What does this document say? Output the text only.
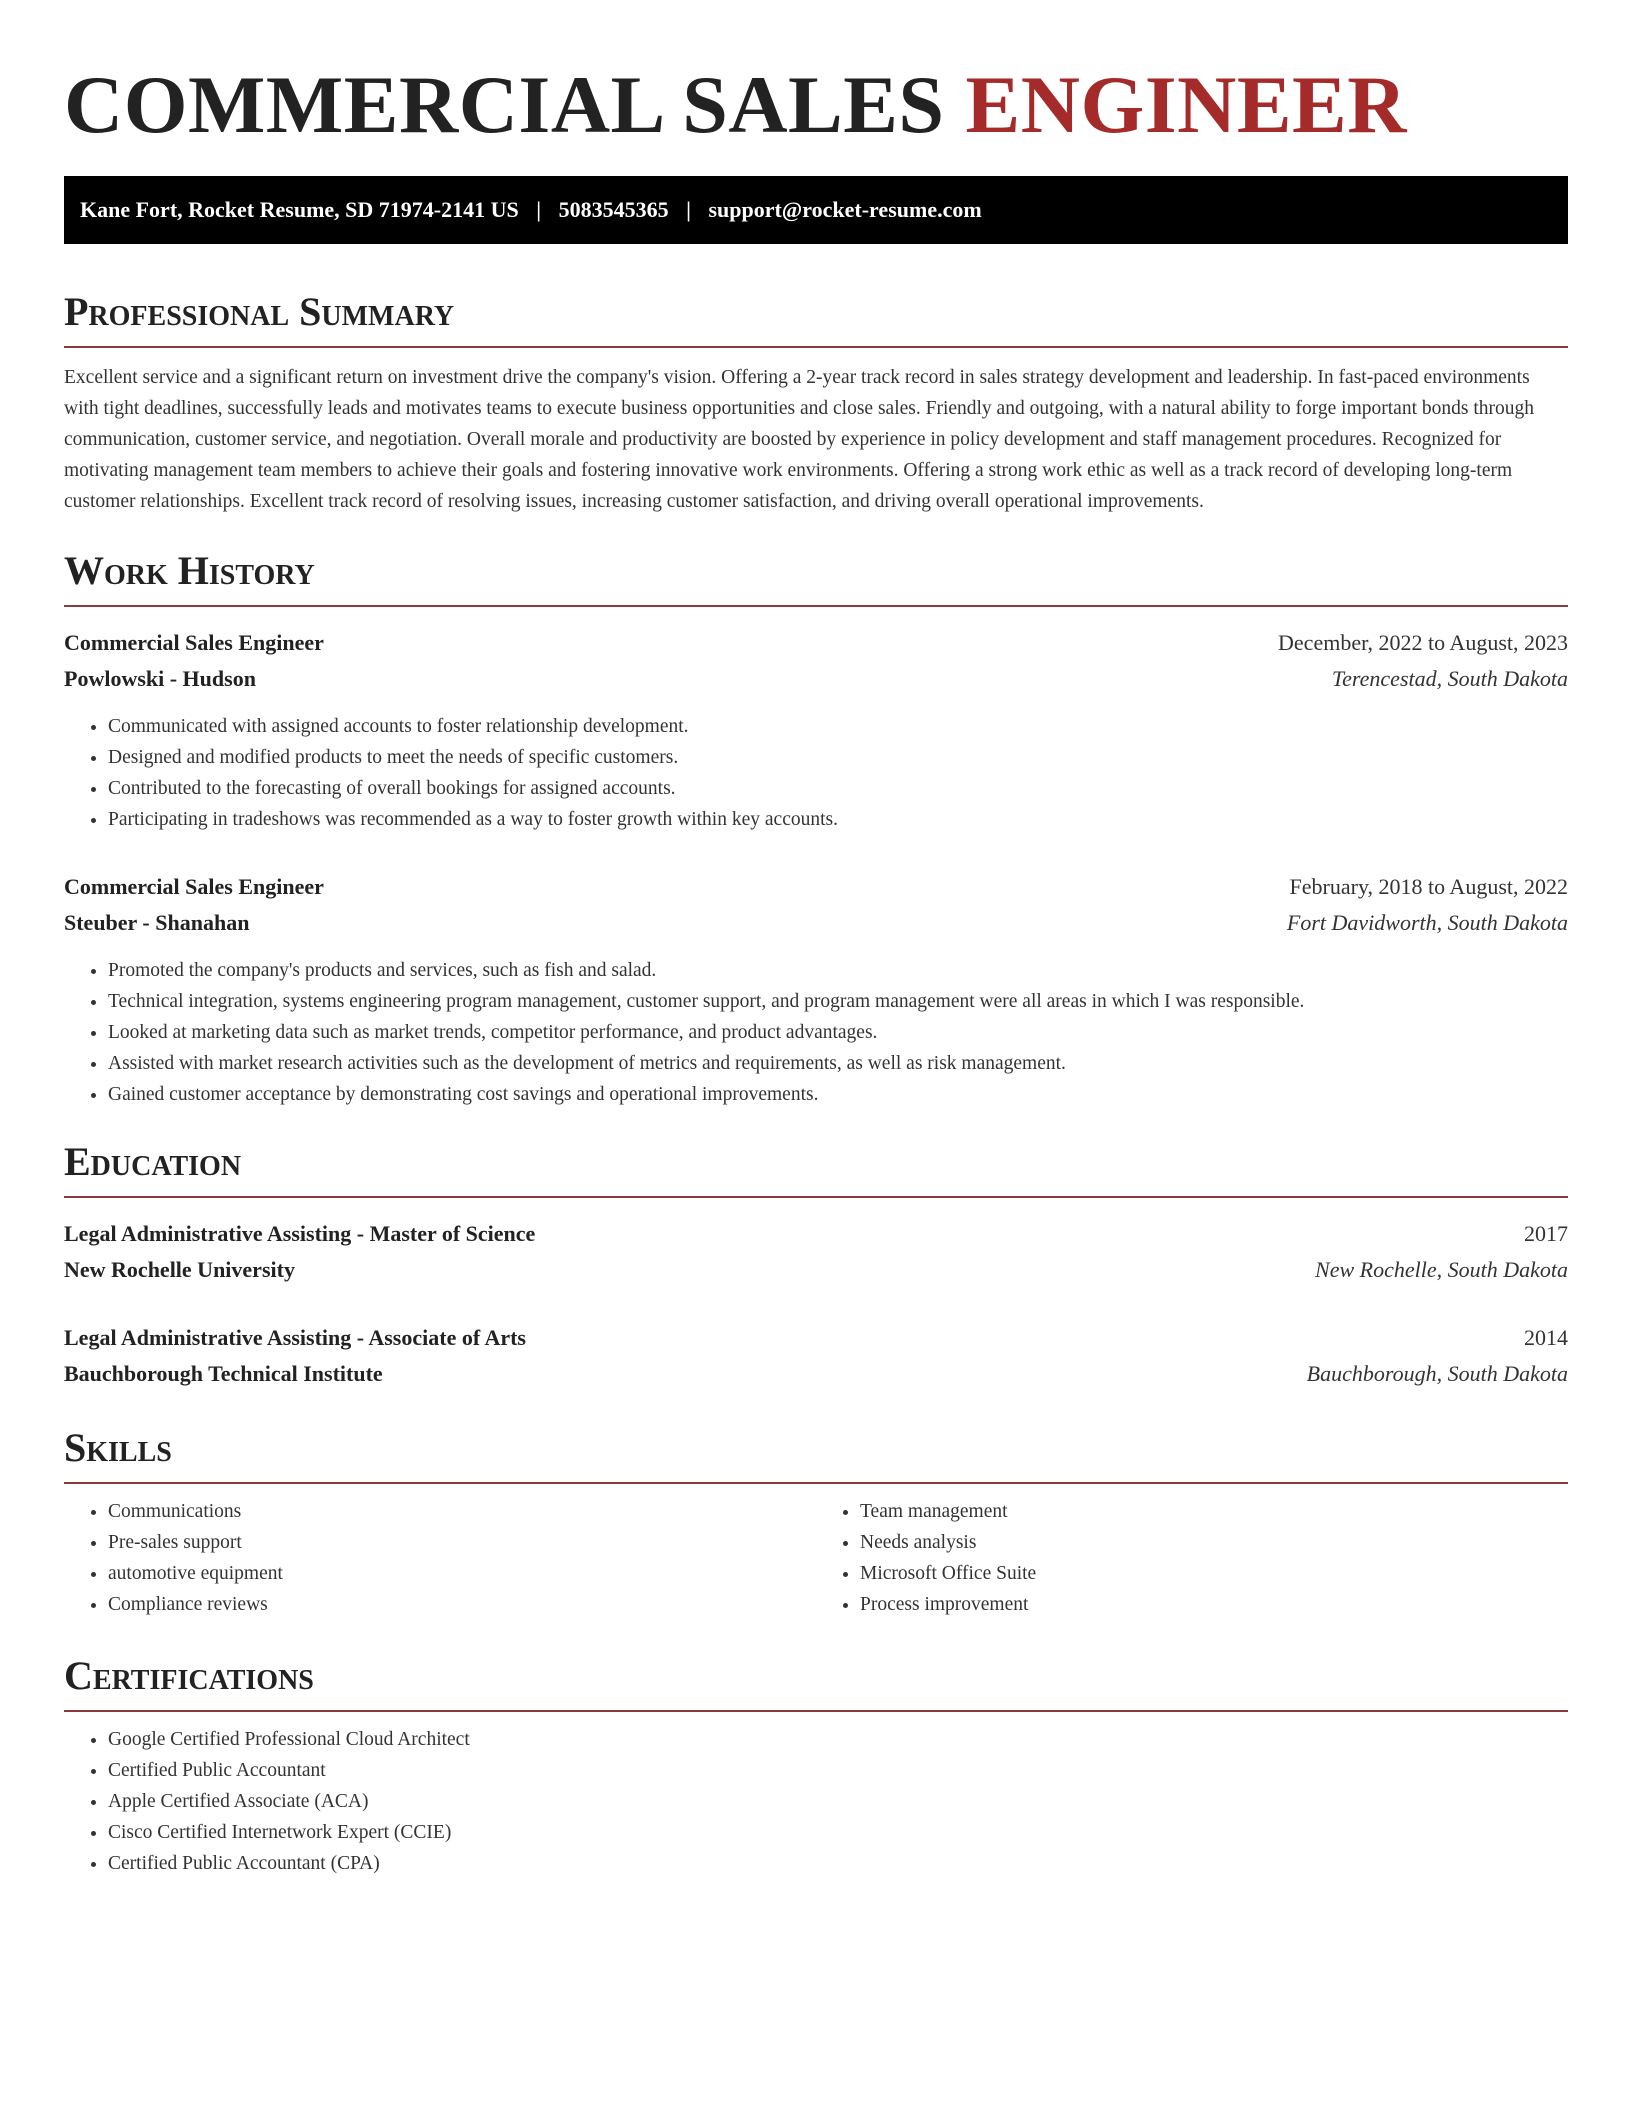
COMMERCIAL SALES ENGINEER
Kane Fort, Rocket Resume, SD 71974-2141 US | 5083545365 | support@rocket-resume.com
Professional Summary

Excellent service and a significant return on investment drive the company's vision. Offering a 2-year track record in sales strategy development and leadership. In fast-paced environments with tight deadlines, successfully leads and motivates teams to execute business opportunities and close sales. Friendly and outgoing, with a natural ability to forge important bonds through communication, customer service, and negotiation. Overall morale and productivity are boosted by experience in policy development and staff management procedures. Recognized for motivating management team members to achieve their goals and fostering innovative work environments. Offering a strong work ethic as well as a track record of developing long-term customer relationships. Excellent track record of resolving issues, increasing customer satisfaction, and driving overall operational improvements.

Work History
Commercial Sales Engineer	December, 2022 to August, 2023
Powlowski - Hudson	Terencestad, South Dakota
• Communicated with assigned accounts to foster relationship development.
• Designed and modified products to meet the needs of specific customers.
• Contributed to the forecasting of overall bookings for assigned accounts.
• Participating in tradeshows was recommended as a way to foster growth within key accounts.
Commercial Sales Engineer	February, 2018 to August, 2022
Steuber - Shanahan	Fort Davidworth, South Dakota
• Promoted the company's products and services, such as fish and salad.
• Technical integration, systems engineering program management, customer support, and program management were all areas in which I was responsible.
• Looked at marketing data such as market trends, competitor performance, and product advantages.
• Assisted with market research activities such as the development of metrics and requirements, as well as risk management.
• Gained customer acceptance by demonstrating cost savings and operational improvements.
Education
Legal Administrative Assisting - Master of Science	2017
New Rochelle University	New Rochelle, South Dakota
Legal Administrative Assisting - Associate of Arts	2014
Bauchborough Technical Institute	Bauchborough, South Dakota
Skills
• Communications
• Pre-sales support
• automotive equipment
• Compliance reviews
• Team management
• Needs analysis
• Microsoft Office Suite
• Process improvement
Certifications
• Google Certified Professional Cloud Architect
• Certified Public Accountant
• Apple Certified Associate (ACA)
• Cisco Certified Internetwork Expert (CCIE)
• Certified Public Accountant (CPA)
